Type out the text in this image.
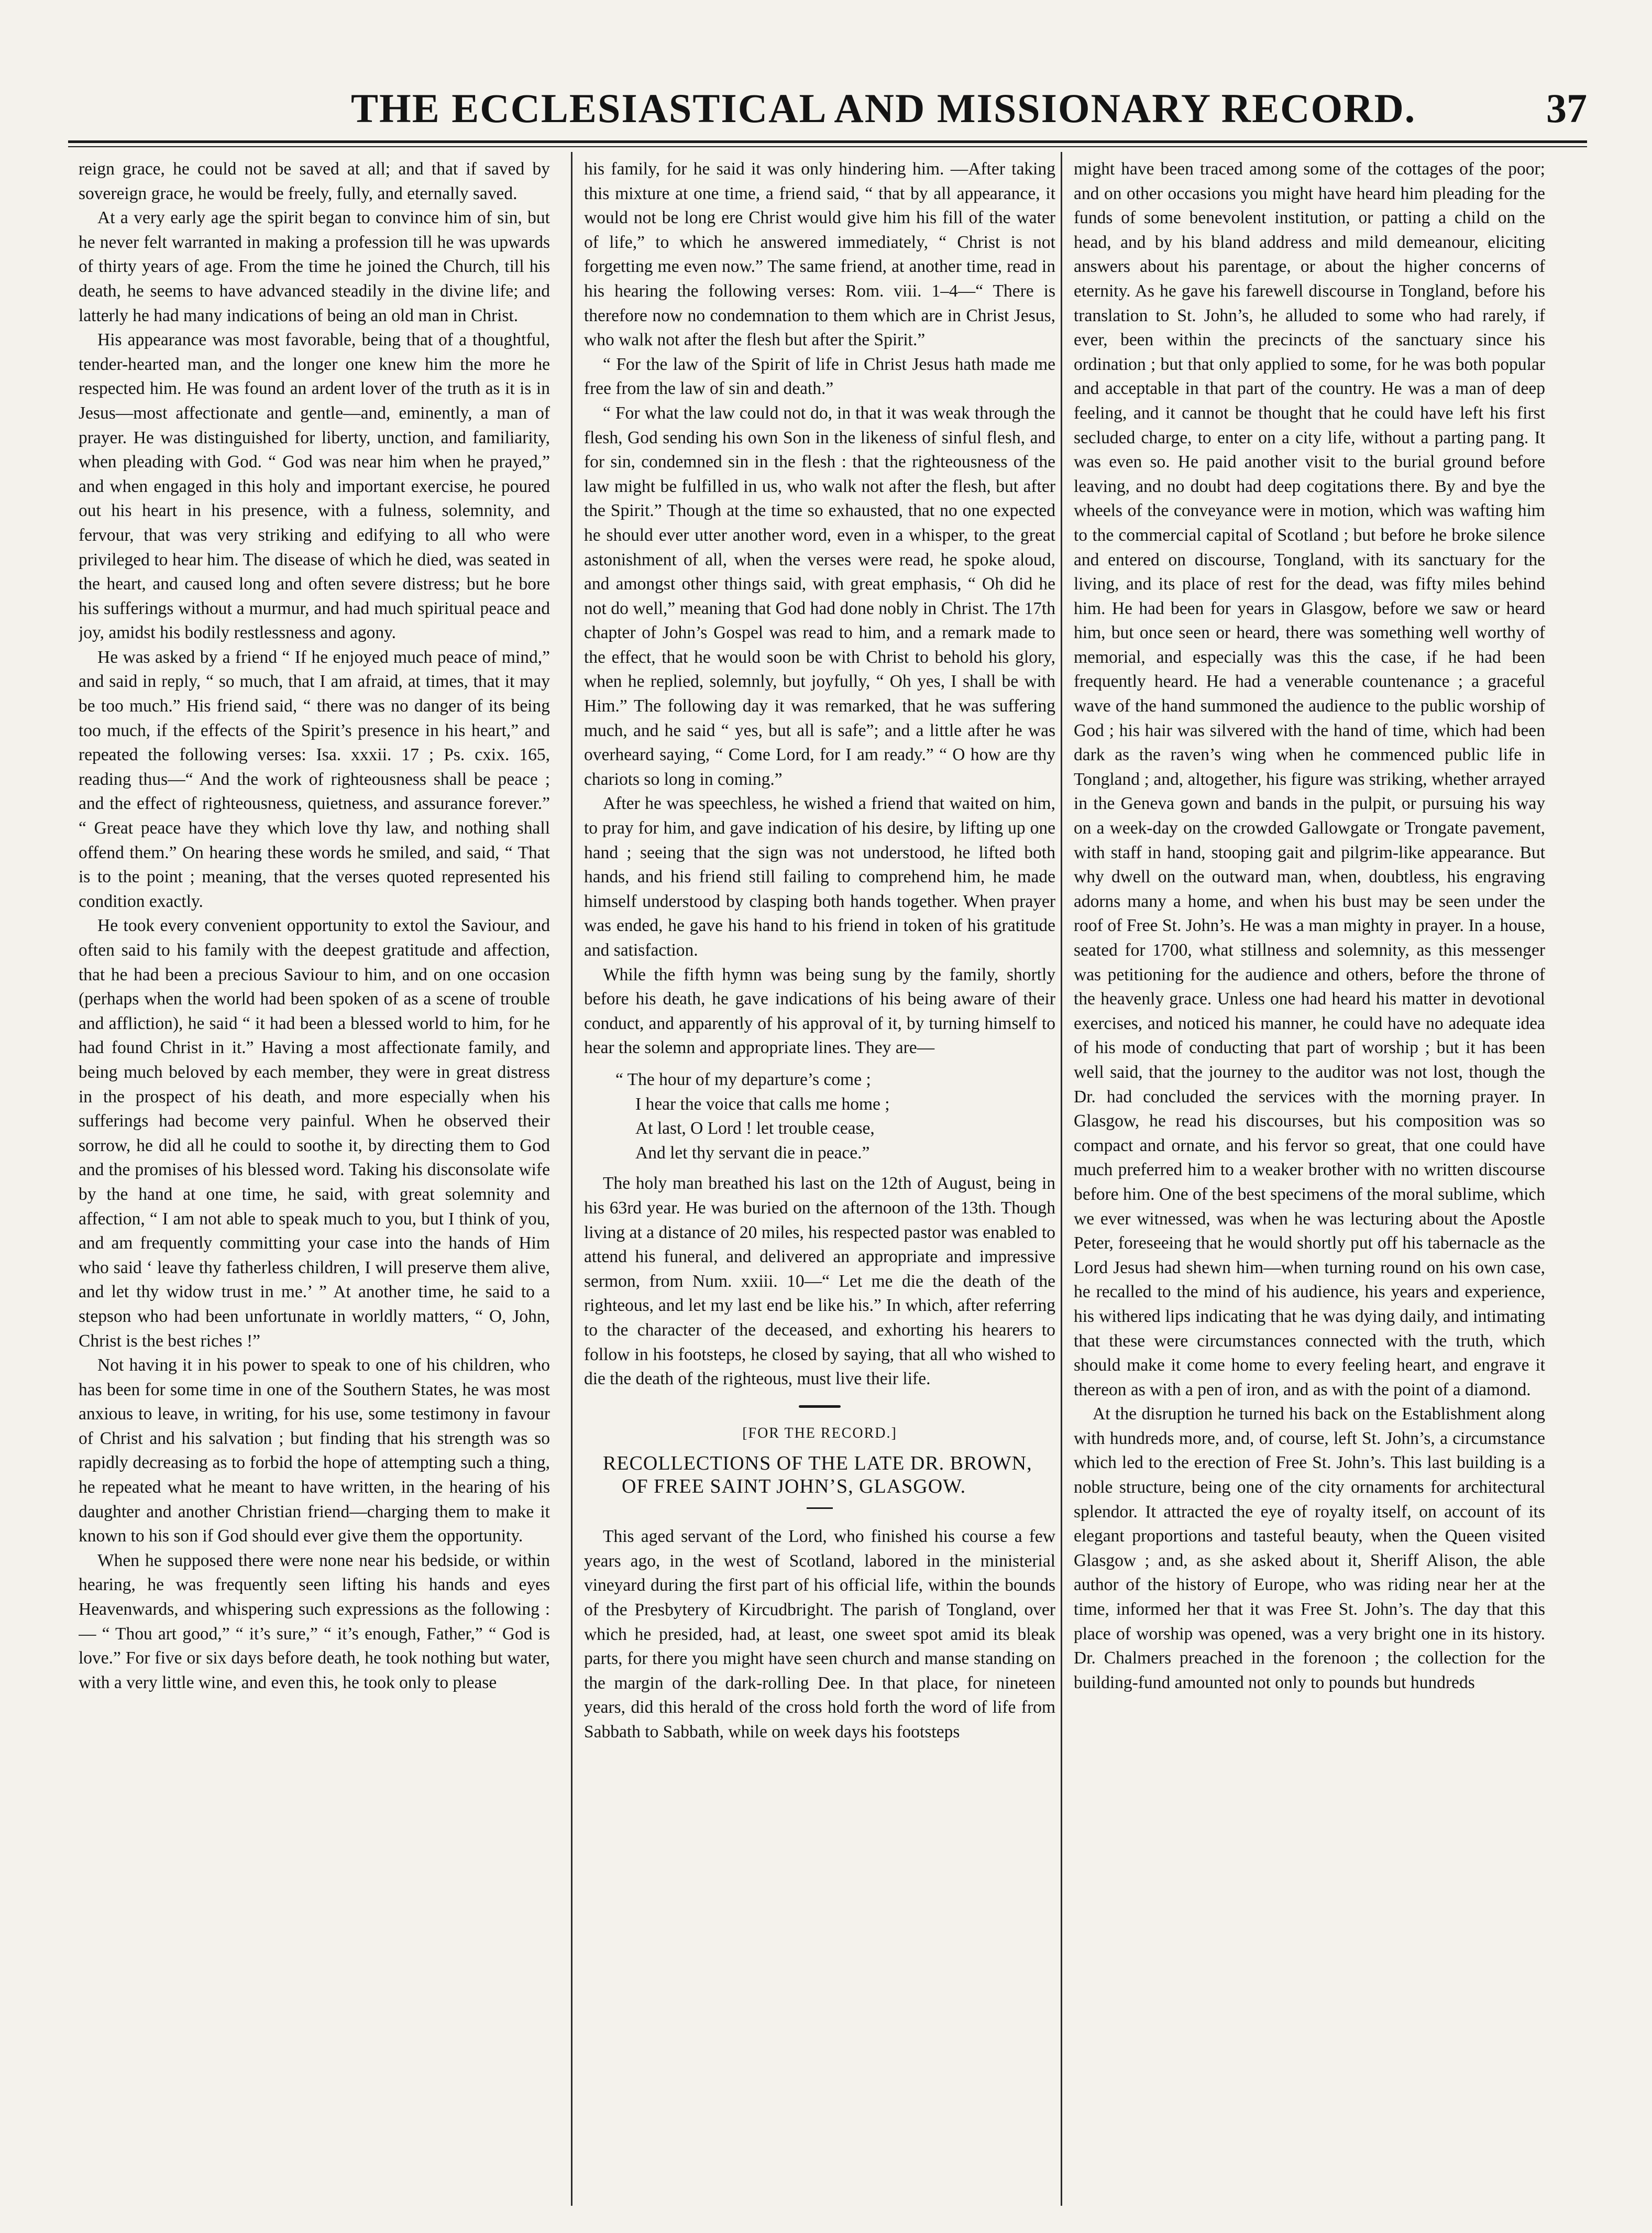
THE ECCLESIASTICAL AND MISSIONARY RECORD.	37

reign grace, he could not be saved at all; and that if saved by sovereign grace, he would be freely, fully, and eternally saved.

At a very early age the spirit began to convince him of sin, but he never felt warranted in making a profession till he was upwards of thirty years of age. From the time he joined the Church, till his death, he seems to have advanced steadily in the divine life; and latterly he had many indications of being an old man in Christ.

His appearance was most favorable, being that of a thoughtful, tender-hearted man, and the longer one knew him the more he respected him. He was found an ardent lover of the truth as it is in Jesus—most affectionate and gentle—and, eminently, a man of prayer. He was distinguished for liberty, unction, and familiarity, when pleading with God. “ God was near him when he prayed,” and when engaged in this holy and important exercise, he poured out his heart in his presence, with a fulness, solemnity, and fervour, that was very striking and edifying to all who were privileged to hear him. The disease of which he died, was seated in the heart, and caused long and often severe distress; but he bore his sufferings without a murmur, and had much spiritual peace and joy, amidst his bodily restlessness and agony.

He was asked by a friend “ If he enjoyed much peace of mind,” and said in reply, “ so much, that I am afraid, at times, that it may be too much.” His friend said, “ there was no danger of its being too much, if the effects of the Spirit’s presence in his heart,” and repeated the following verses: Isa. xxxii. 17 ; Ps. cxix. 165, reading thus—“ And the work of righteousness shall be peace ; and the effect of righteousness, quietness, and assurance forever.” “ Great peace have they which love thy law, and nothing shall offend them.” On hearing these words he smiled, and said, “ That is to the point ; meaning, that the verses quoted represented his condition exactly.

He took every convenient opportunity to extol the Saviour, and often said to his family with the deepest gratitude and affection, that he had been a precious Saviour to him, and on one occasion (perhaps when the world had been spoken of as a scene of trouble and affliction), he said “ it had been a blessed world to him, for he had found Christ in it.” Having a most affectionate family, and being much beloved by each member, they were in great distress in the prospect of his death, and more especially when his sufferings had become very painful. When he observed their sorrow, he did all he could to soothe it, by directing them to God and the promises of his blessed word. Taking his disconsolate wife by the hand at one time, he said, with great solemnity and affection, “ I am not able to speak much to you, but I think of you, and am frequently committing your case into the hands of Him who said ‘ leave thy fatherless children, I will preserve them alive, and let thy widow trust in me.’ ” At another time, he said to a stepson who had been unfortunate in worldly matters, “ O, John, Christ is the best riches !”

Not having it in his power to speak to one of his children, who has been for some time in one of the Southern States, he was most anxious to leave, in writing, for his use, some testimony in favour of Christ and his salvation ; but finding that his strength was so rapidly decreasing as to forbid the hope of attempting such a thing, he repeated what he meant to have written, in the hearing of his daughter and another Christian friend—charging them to make it known to his son if God should ever give them the opportunity.

When he supposed there were none near his bedside, or within hearing, he was frequently seen lifting his hands and eyes Heavenwards, and whispering such expressions as the following :— “ Thou art good,” “ it’s sure,” “ it’s enough, Father,” “ God is love.” For five or six days before death, he took nothing but water, with a very little wine, and even this, he took only to please

his family, for he said it was only hindering him. —After taking this mixture at one time, a friend said, “ that by all appearance, it would not be long ere Christ would give him his fill of the water of life,” to which he answered immediately, “ Christ is not forgetting me even now.” The same friend, at another time, read in his hearing the following verses: Rom. viii. 1–4—“ There is therefore now no condemnation to them which are in Christ Jesus, who walk not after the flesh but after the Spirit.”

“ For the law of the Spirit of life in Christ Jesus hath made me free from the law of sin and death.”

“ For what the law could not do, in that it was weak through the flesh, God sending his own Son in the likeness of sinful flesh, and for sin, condemned sin in the flesh : that the righteousness of the law might be fulfilled in us, who walk not after the flesh, but after the Spirit.” Though at the time so exhausted, that no one expected he should ever utter another word, even in a whisper, to the great astonishment of all, when the verses were read, he spoke aloud, and amongst other things said, with great emphasis, “ Oh did he not do well,” meaning that God had done nobly in Christ. The 17th chapter of John’s Gospel was read to him, and a remark made to the effect, that he would soon be with Christ to behold his glory, when he replied, solemnly, but joyfully, “ Oh yes, I shall be with Him.” The following day it was remarked, that he was suffering much, and he said “ yes, but all is safe”; and a little after he was overheard saying, “ Come Lord, for I am ready.” “ O how are thy chariots so long in coming.”

After he was speechless, he wished a friend that waited on him, to pray for him, and gave indication of his desire, by lifting up one hand ; seeing that the sign was not understood, he lifted both hands, and his friend still failing to comprehend him, he made himself understood by clasping both hands together. When prayer was ended, he gave his hand to his friend in token of his gratitude and satisfaction.

While the fifth hymn was being sung by the family, shortly before his death, he gave indications of his being aware of their conduct, and apparently of his approval of it, by turning himself to hear the solemn and appropriate lines. They are—

“ The hour of my departure’s come ;
I hear the voice that calls me home ;
At last, O Lord ! let trouble cease,
And let thy servant die in peace.”

The holy man breathed his last on the 12th of August, being in his 63rd year. He was buried on the afternoon of the 13th. Though living at a distance of 20 miles, his respected pastor was enabled to attend his funeral, and delivered an appropriate and impressive sermon, from Num. xxiii. 10—“ Let me die the death of the righteous, and let my last end be like his.” In which, after referring to the character of the deceased, and exhorting his hearers to follow in his footsteps, he closed by saying, that all who wished to die the death of the righteous, must live their life.

[FOR THE RECORD.]
RECOLLECTIONS OF THE LATE DR. BROWN, OF FREE SAINT JOHN’S, GLASGOW.

This aged servant of the Lord, who finished his course a few years ago, in the west of Scotland, labored in the ministerial vineyard during the first part of his official life, within the bounds of the Presbytery of Kircudbright. The parish of Tongland, over which he presided, had, at least, one sweet spot amid its bleak parts, for there you might have seen church and manse standing on the margin of the dark-rolling Dee. In that place, for nineteen years, did this herald of the cross hold forth the word of life from Sabbath to Sabbath, while on week days his footsteps

might have been traced among some of the cottages of the poor; and on other occasions you might have heard him pleading for the funds of some benevolent institution, or patting a child on the head, and by his bland address and mild demeanour, eliciting answers about his parentage, or about the higher concerns of eternity. As he gave his farewell discourse in Tongland, before his translation to St. John’s, he alluded to some who had rarely, if ever, been within the precincts of the sanctuary since his ordination ; but that only applied to some, for he was both popular and acceptable in that part of the country. He was a man of deep feeling, and it cannot be thought that he could have left his first secluded charge, to enter on a city life, without a parting pang. It was even so. He paid another visit to the burial ground before leaving, and no doubt had deep cogitations there. By and bye the wheels of the conveyance were in motion, which was wafting him to the commercial capital of Scotland ; but before he broke silence and entered on discourse, Tongland, with its sanctuary for the living, and its place of rest for the dead, was fifty miles behind him. He had been for years in Glasgow, before we saw or heard him, but once seen or heard, there was something well worthy of memorial, and especially was this the case, if he had been frequently heard. He had a venerable countenance ; a graceful wave of the hand summoned the audience to the public worship of God ; his hair was silvered with the hand of time, which had been dark as the raven’s wing when he commenced public life in Tongland ; and, altogether, his figure was striking, whether arrayed in the Geneva gown and bands in the pulpit, or pursuing his way on a week-day on the crowded Gallowgate or Trongate pavement, with staff in hand, stooping gait and pilgrim-like appearance. But why dwell on the outward man, when, doubtless, his engraving adorns many a home, and when his bust may be seen under the roof of Free St. John’s. He was a man mighty in prayer. In a house, seated for 1700, what stillness and solemnity, as this messenger was petitioning for the audience and others, before the throne of the heavenly grace. Unless one had heard his matter in devotional exercises, and noticed his manner, he could have no adequate idea of his mode of conducting that part of worship ; but it has been well said, that the journey to the auditor was not lost, though the Dr. had concluded the services with the morning prayer. In Glasgow, he read his discourses, but his composition was so compact and ornate, and his fervor so great, that one could have much preferred him to a weaker brother with no written discourse before him. One of the best specimens of the moral sublime, which we ever witnessed, was when he was lecturing about the Apostle Peter, foreseeing that he would shortly put off his tabernacle as the Lord Jesus had shewn him—when turning round on his own case, he recalled to the mind of his audience, his years and experience, his withered lips indicating that he was dying daily, and intimating that these were circumstances connected with the truth, which should make it come home to every feeling heart, and engrave it thereon as with a pen of iron, and as with the point of a diamond.

At the disruption he turned his back on the Establishment along with hundreds more, and, of course, left St. John’s, a circumstance which led to the erection of Free St. John’s. This last building is a noble structure, being one of the city ornaments for architectural splendor. It attracted the eye of royalty itself, on account of its elegant proportions and tasteful beauty, when the Queen visited Glasgow ; and, as she asked about it, Sheriff Alison, the able author of the history of Europe, who was riding near her at the time, informed her that it was Free St. John’s. The day that this place of worship was opened, was a very bright one in its history. Dr. Chalmers preached in the forenoon ; the collection for the building-fund amounted not only to pounds but hundreds
